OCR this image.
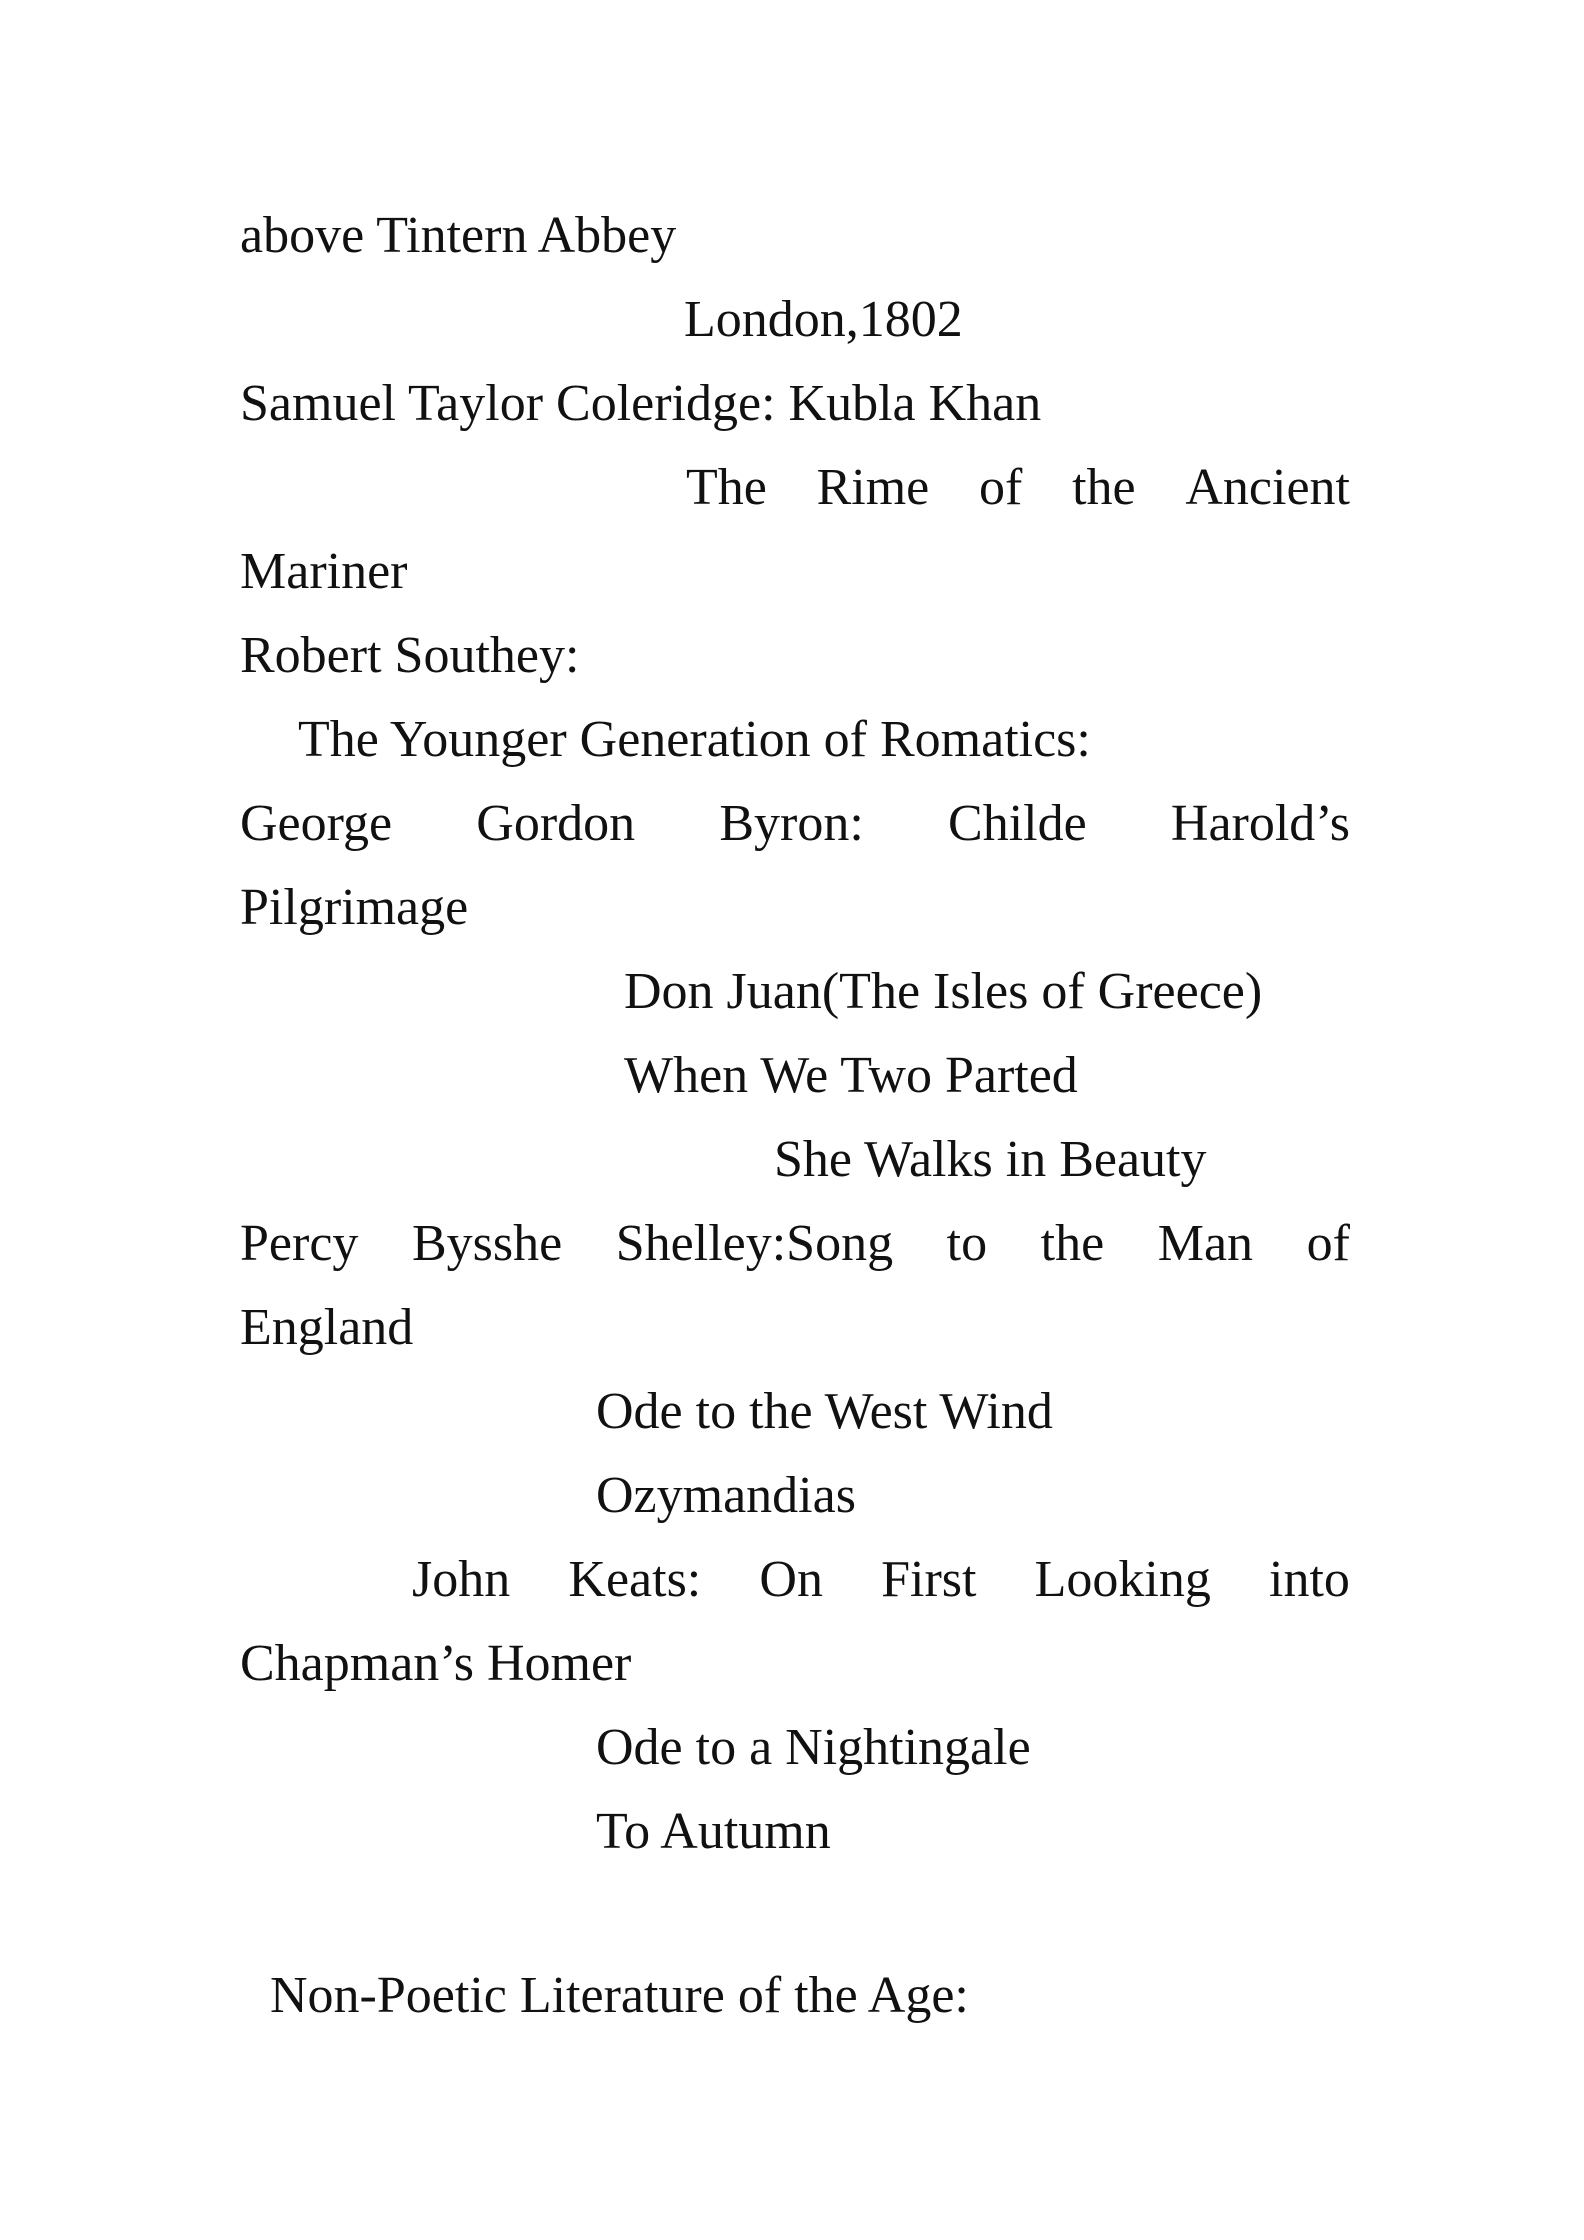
above Tintern Abbey
London,1802
Samuel Taylor Coleridge: Kubla Khan
The Rime of the Ancient
Mariner
Robert Southey:
The Younger Generation of Romatics:
George Gordon Byron: Childe Harold’s
Pilgrimage
Don Juan(The Isles of Greece)
When We Two Parted
She Walks in Beauty
Percy Bysshe Shelley:Song to the Man of
England
Ode to the West Wind
Ozymandias
John Keats: On First Looking into
Chapman’s Homer
Ode to a Nightingale
To Autumn
Non-Poetic Literature of the Age:
